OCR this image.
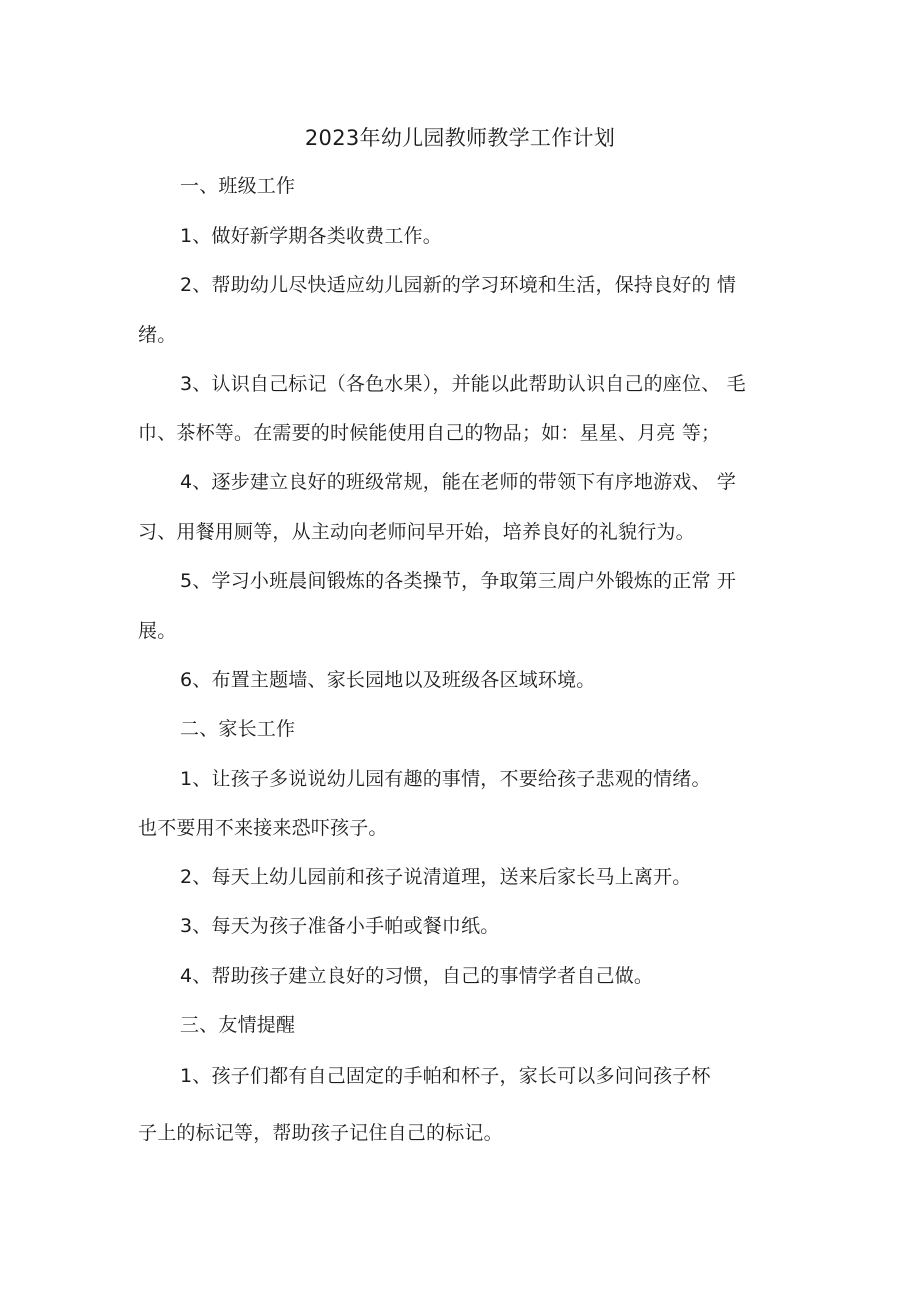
2023年幼儿园教师教学工作计划
一、班级工作
1、做好新学期各类收费工作。
2、帮助幼儿尽快适应幼儿园新的学习环境和生活，保持良好的 情
绪。
3、认识自己标记（各色水果），并能以此帮助认识自己的座位、 毛
巾、茶杯等。在需要的时候能使用自己的物品；如：星星、月亮 等；
4、逐步建立良好的班级常规，能在老师的带领下有序地游戏、 学
习、用餐用厕等，从主动向老师问早开始，培养良好的礼貌行为。
5、学习小班晨间锻炼的各类操节，争取第三周户外锻炼的正常 开
展。
6、布置主题墙、家长园地以及班级各区域环境。
二、家长工作
1、让孩子多说说幼儿园有趣的事情，不要给孩子悲观的情绪。
也不要用不来接来恐吓孩子。
2、每天上幼儿园前和孩子说清道理，送来后家长马上离开。
3、每天为孩子准备小手帕或餐巾纸。
4、帮助孩子建立良好的习惯，自己的事情学者自己做。
三、友情提醒
1、孩子们都有自己固定的手帕和杯子，家长可以多问问孩子杯
子上的标记等，帮助孩子记住自己的标记。
